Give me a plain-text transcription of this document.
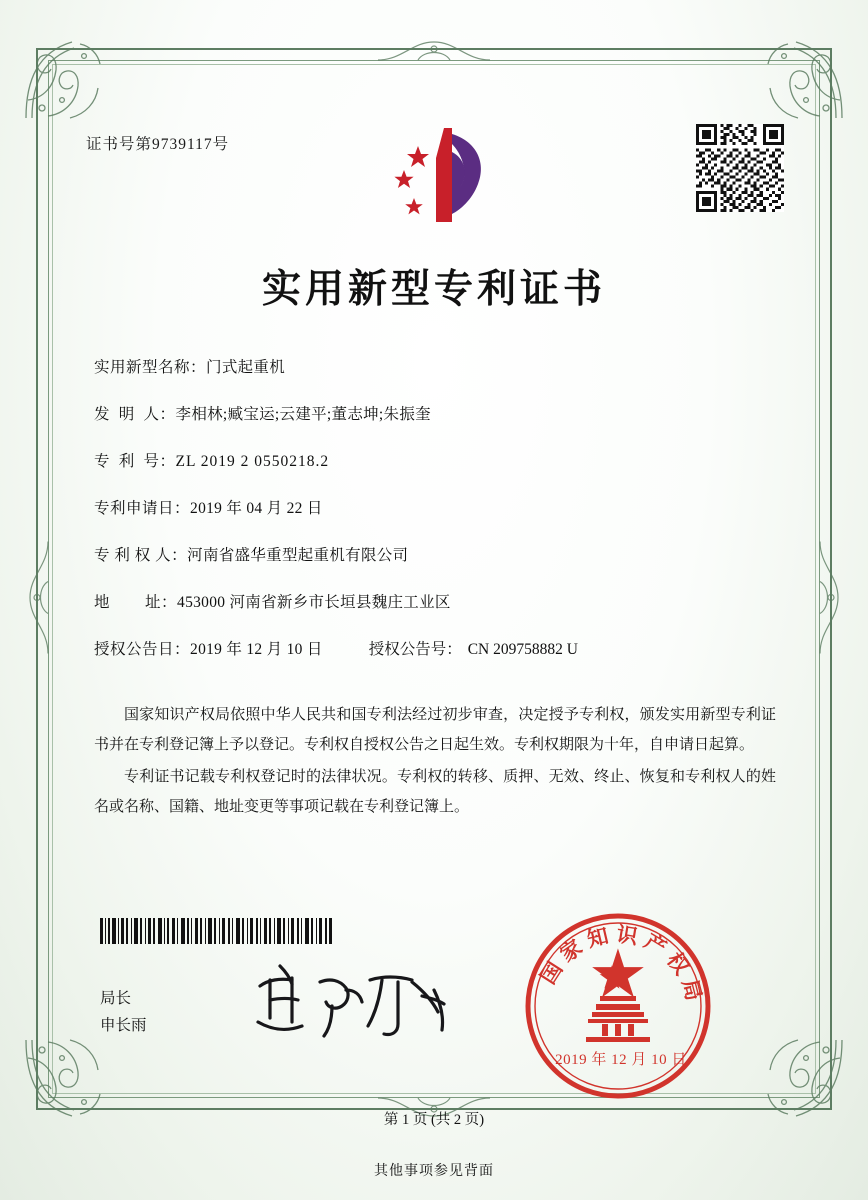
证书号第9739117号
实用新型专利证书
实用新型名称： 门式起重机
发  明  人： 李相林;臧宝运;云建平;董志坤;朱振奎
专  利  号： ZL 2019 2 0550218.2
专利申请日： 2019 年 04 月 22 日
专 利 权 人： 河南省盛华重型起重机有限公司
地        址： 453000 河南省新乡市长垣县魏庄工业区
授权公告日： 2019 年 12 月 10 日	授权公告号： CN 209758882 U

国家知识产权局依照中华人民共和国专利法经过初步审查，决定授予专利权，颁发实用新型专利证书并在专利登记簿上予以登记。专利权自授权公告之日起生效。专利权期限为十年，自申请日起算。

专利证书记载专利权登记时的法律状况。专利权的转移、质押、无效、终止、恢复和专利权人的姓名或名称、国籍、地址变更等事项记载在专利登记簿上。

局长
申长雨
国家知识产权局
2019 年 12 月 10 日
第 1 页 (共 2 页)
其他事项参见背面
